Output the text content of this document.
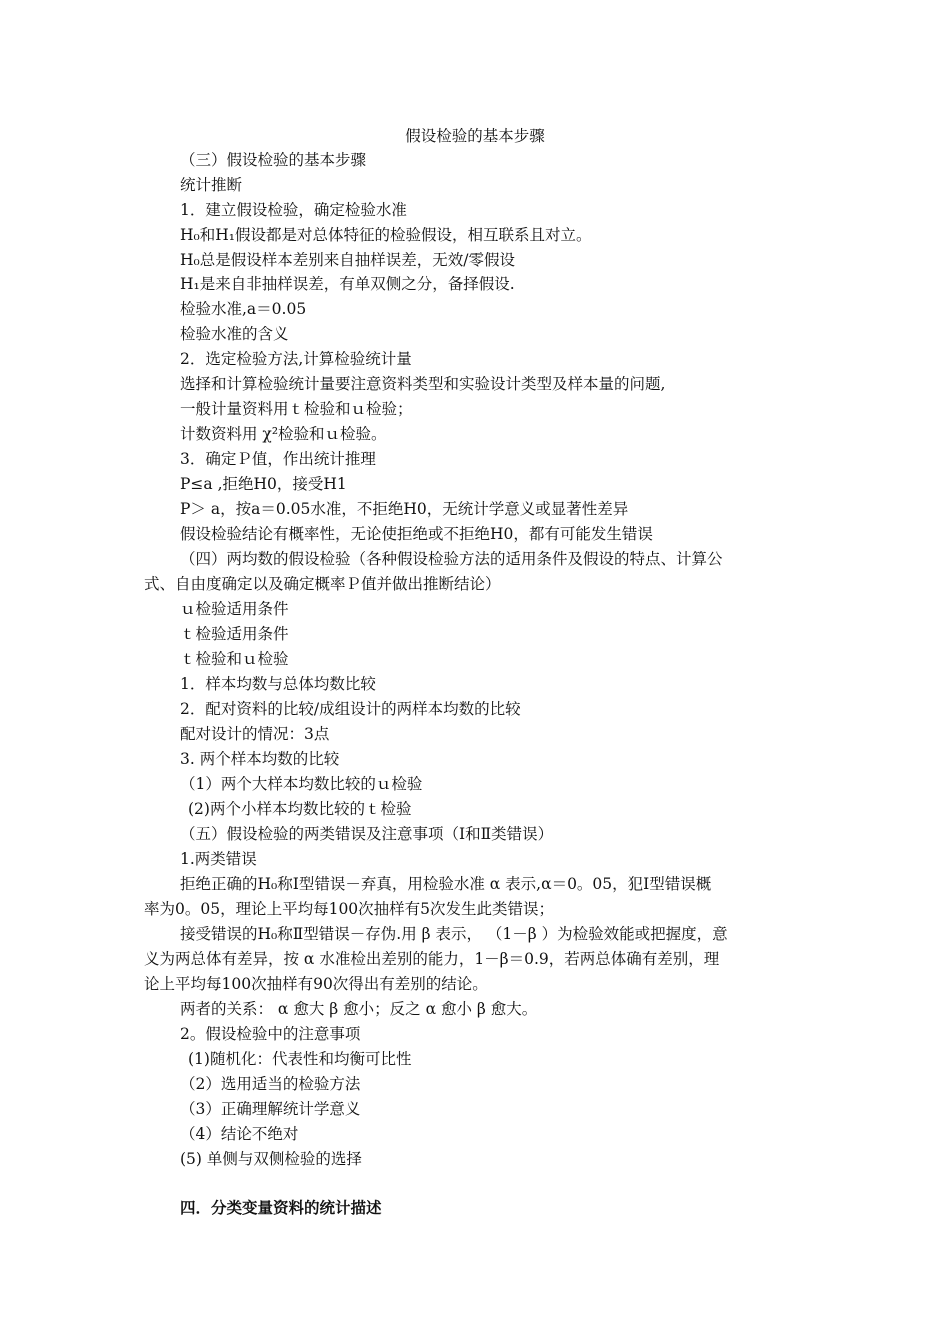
假设检验的基本步骤
（三）假设检验的基本步骤
统计推断
1．建立假设检验，确定检验水准
H₀和H₁假设都是对总体特征的检验假设，相互联系且对立。
H₀总是假设样本差别来自抽样误差，无效/零假设
H₁是来自非抽样误差，有单双侧之分，备择假设.
检验水准,a＝0.05
检验水准的含义
2．选定检验方法,计算检验统计量
选择和计算检验统计量要注意资料类型和实验设计类型及样本量的问题,
一般计量资料用ｔ检验和ｕ检验；
计数资料用 χ²检验和ｕ检验。
3．确定Ｐ值，作出统计推理
P≤a ,拒绝H0，接受H1
P＞ a，按a＝0.05水准，不拒绝H0，无统计学意义或显著性差异
假设检验结论有概率性，无论使拒绝或不拒绝H0，都有可能发生错误
（四）两均数的假设检验（各种假设检验方法的适用条件及假设的特点、计算公
式、自由度确定以及确定概率Ｐ值并做出推断结论）
ｕ检验适用条件
ｔ检验适用条件
ｔ检验和ｕ检验
1．样本均数与总体均数比较
2．配对资料的比较/成组设计的两样本均数的比较
配对设计的情况：3点
3. 两个样本均数的比较
（1）两个大样本均数比较的ｕ检验
(2)两个小样本均数比较的ｔ检验
（五）假设检验的两类错误及注意事项（Ⅰ和Ⅱ类错误）
1.两类错误
拒绝正确的H₀称Ⅰ型错误－弃真，用检验水准 α 表示,α＝0。05，犯Ⅰ型错误概
率为0。05，理论上平均每100次抽样有5次发生此类错误；
接受错误的H₀称Ⅱ型错误－存伪.用 β 表示， （1－β ）为检验效能或把握度，意
义为两总体有差异，按 α 水准检出差别的能力，1－β＝0.9，若两总体确有差别，理
论上平均每100次抽样有90次得出有差别的结论。
两者的关系： α 愈大 β 愈小；反之 α 愈小 β 愈大。
2。假设检验中的注意事项
(1)随机化：代表性和均衡可比性
（2）选用适当的检验方法
（3）正确理解统计学意义
（4）结论不绝对
(5) 单侧与双侧检验的选择
四．分类变量资料的统计描述
